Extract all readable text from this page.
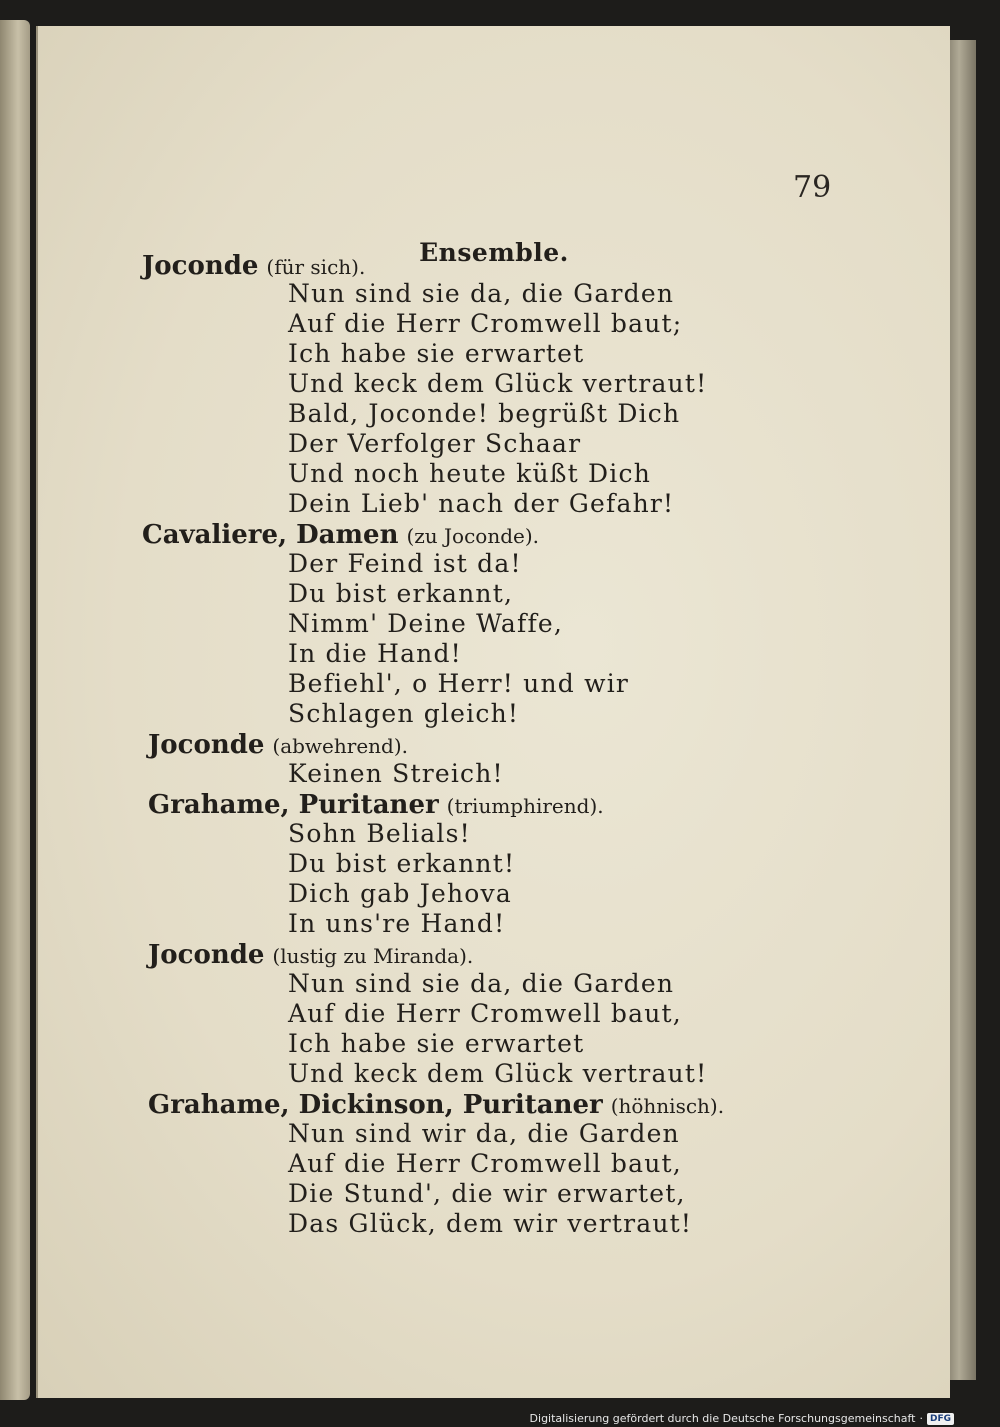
79
Ensemble.
Joconde (für sich).
Nun sind sie da, die Garden
Auf die Herr Cromwell baut;
Ich habe sie erwartet
Und keck dem Glück vertraut!
Bald, Joconde! begrüßt Dich
Der Verfolger Schaar
Und noch heute küßt Dich
Dein Lieb' nach der Gefahr!
Cavaliere, Damen (zu Joconde).
Der Feind ist da!
Du bist erkannt,
Nimm' Deine Waffe,
In die Hand!
Befiehl', o Herr! und wir
Schlagen gleich!
Joconde (abwehrend).
Keinen Streich!
Grahame, Puritaner (triumphirend).
Sohn Belials!
Du bist erkannt!
Dich gab Jehova
In uns're Hand!
Joconde (lustig zu Miranda).
Nun sind sie da, die Garden
Auf die Herr Cromwell baut,
Ich habe sie erwartet
Und keck dem Glück vertraut!
Grahame, Dickinson, Puritaner (höhnisch).
Nun sind wir da, die Garden
Auf die Herr Cromwell baut,
Die Stund', die wir erwartet,
Das Glück, dem wir vertraut!
Digitalisierung gefördert durch die Deutsche Forschungsgemeinschaft · DFG
